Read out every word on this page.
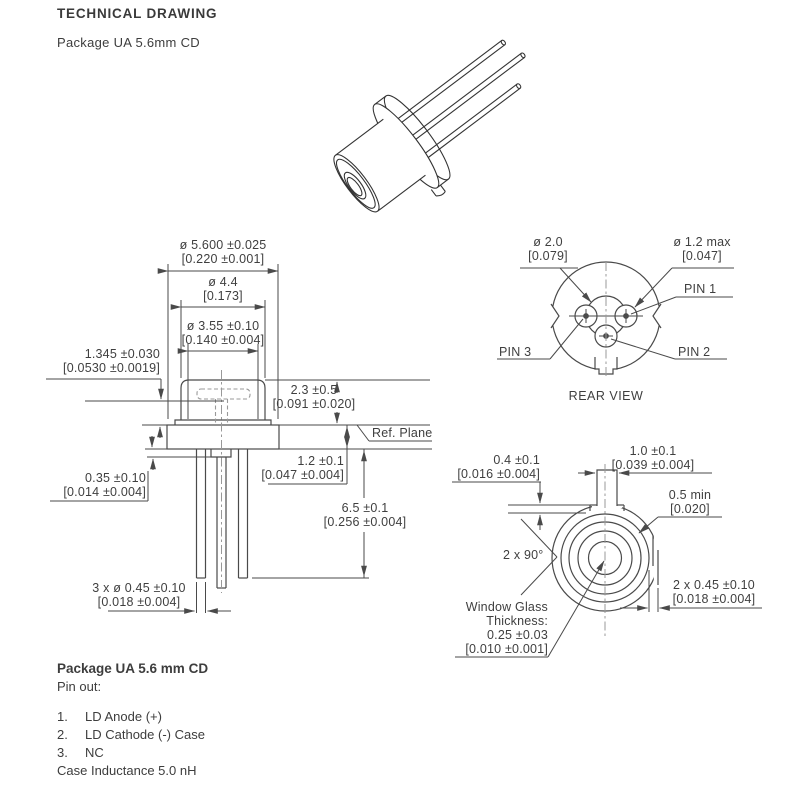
TECHNICAL DRAWING
Package UA 5.6mm CD
ø 5.600 ±0.025
[0.220 ±0.001]
ø 4.4
[0.173]
ø 3.55 ±0.10
[0.140 ±0.004]
1.345 ±0.030
[0.0530 ±0.0019]
0.35 ±0.10
[0.014 ±0.004]
2.3 ±0.5
[0.091 ±0.020]
Ref. Plane
1.2 ±0.1
[0.047 ±0.004]
6.5 ±0.1
[0.256 ±0.004]
3 x ø 0.45 ±0.10
[0.018 ±0.004]
ø 2.0
[0.079]
ø 1.2 max
[0.047]
PIN 1
PIN 3	PIN 2
REAR VIEW
1.0 ±0.1
[0.039 ±0.004]
0.4 ±0.1
[0.016 ±0.004]
0.5 min
[0.020]
2 x 90°
2 x 0.45 ±0.10
[0.018 ±0.004]
Window Glass
Thickness:
0.25 ±0.03
[0.010 ±0.001]
Package UA 5.6 mm CD
Pin out:
1.	LD Anode (+)
2.	LD Cathode (-) Case
3.	NC
Case Inductance 5.0 nH
